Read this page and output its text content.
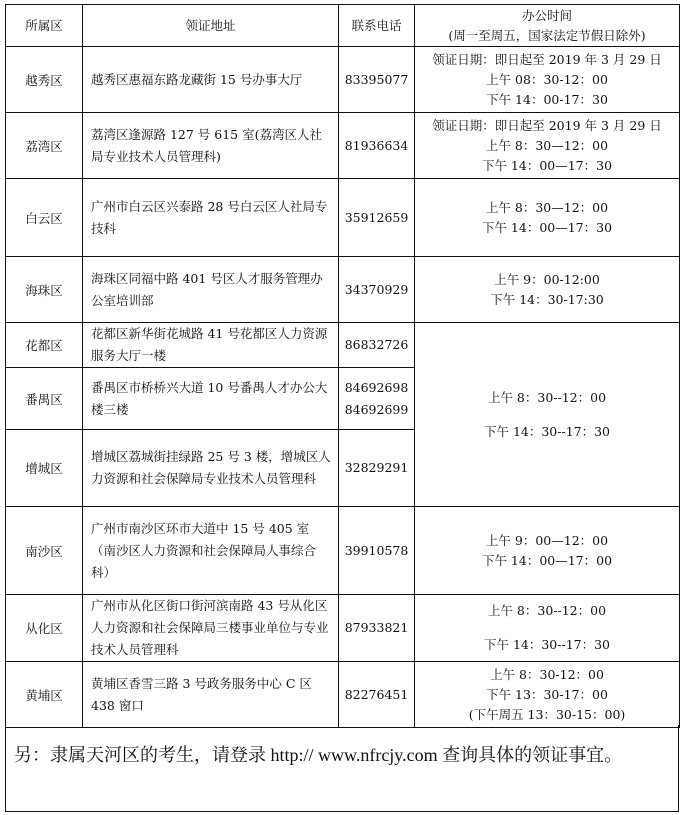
所属区	领证地址	联系电话	办公时间
(周一至周五，国家法定节假日除外)

越秀区	越秀区惠福东路龙藏街 15 号办事大厅	83395077	领证日期：即日起至 2019 年 3 月 29 日
上午 08：30-12：00
下午 14：00-17：30

荔湾区	荔湾区逢源路 127 号 615 室(荔湾区人社局专业技术人员管理科)	81936634	领证日期：即日起至 2019 年 3 月 29 日
上午 8：30—12：00
下午 14：00—17：30

白云区	广州市白云区兴泰路 28 号白云区人社局专技科	35912659	上午 8：30—12：00
下午 14：00—17：30

海珠区	海珠区同福中路 401 号区人才服务管理办公室培训部	34370929	上午 9：00-12:00
下午 14：30-17:30

花都区	花都区新华街花城路 41 号花都区人力资源服务大厅一楼	86832726	上午 8：30--12：00
下午 14：30--17：30

番禺区	番禺区市桥桥兴大道 10 号番禺人才办公大楼三楼	84692698
84692699	

增城区	增城区荔城街挂绿路 25 号 3 楼，增城区人力资源和社会保障局专业技术人员管理科	32829291	
南沙区	广州市南沙区环市大道中 15 号 405 室（南沙区人力资源和社会保障局人事综合科）	39910578	上午 9：00—12：00
下午 14：00—17：00

从化区	广州市从化区街口街河滨南路 43 号从化区人力资源和社会保障局三楼事业单位与专业技术人员管理科	87933821	上午 8：30--12：00
下午 14：30--17：30

黄埔区	黄埔区香雪三路 3 号政务服务中心 C 区 438 窗口	82276451	上午 8：30-12：00
下午 13：30-17：00
(下午周五 13：30-15：00)
另：隶属天河区的考生，请登录 http:// www.nfrcjy.com 查询具体的领证事宜。
